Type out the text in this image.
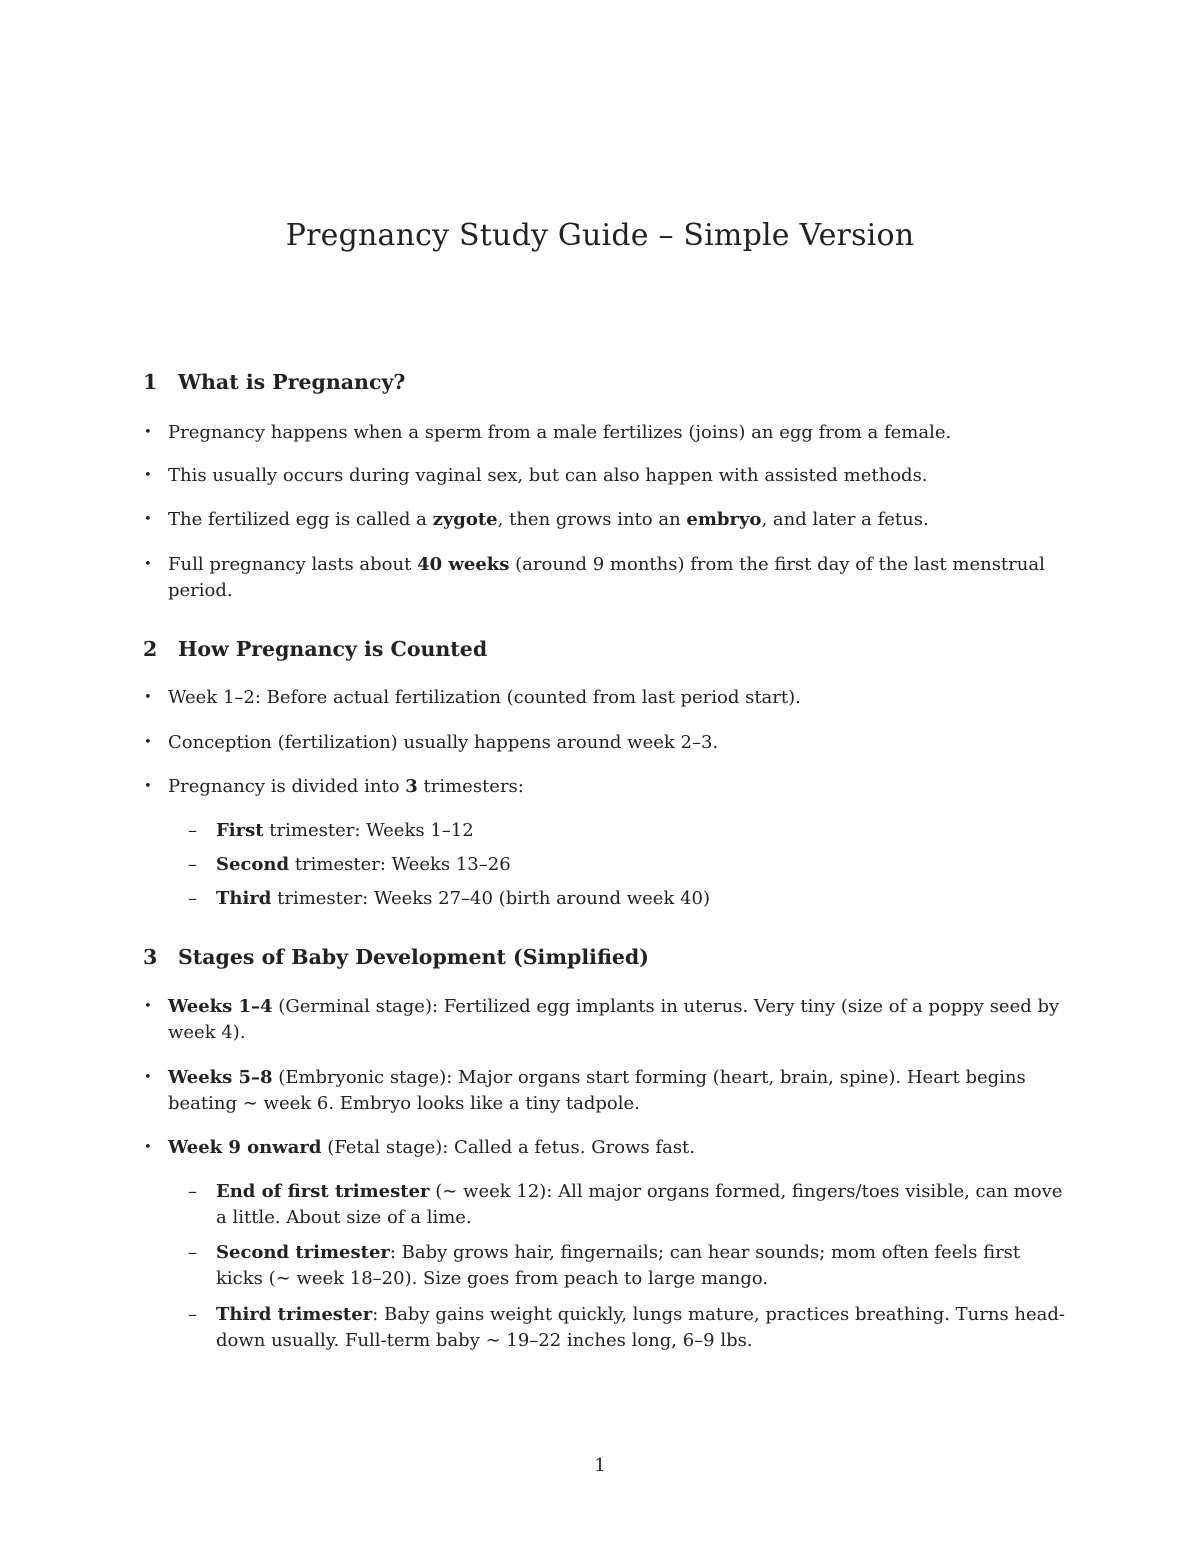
Pregnancy Study Guide – Simple Version
1 What is Pregnancy?

• Pregnancy happens when a sperm from a male fertilizes (joins) an egg from a female.

• This usually occurs during vaginal sex, but can also happen with assisted methods.

• The fertilized egg is called a zygote, then grows into an embryo, and later a fetus.

• Full pregnancy lasts about 40 weeks (around 9 months) from the first day of the last menstrual period.

2 How Pregnancy is Counted

• Week 1–2: Before actual fertilization (counted from last period start).

• Conception (fertilization) usually happens around week 2–3.

• Pregnancy is divided into 3 trimesters:

– First trimester: Weeks 1–12

– Second trimester: Weeks 13–26

– Third trimester: Weeks 27–40 (birth around week 40)

3 Stages of Baby Development (Simplified)

• Weeks 1–4 (Germinal stage): Fertilized egg implants in uterus. Very tiny (size of a poppy seed by week 4).

• Weeks 5–8 (Embryonic stage): Major organs start forming (heart, brain, spine). Heart begins beating ∼ week 6. Embryo looks like a tiny tadpole.

• Week 9 onward (Fetal stage): Called a fetus. Grows fast.

– End of first trimester (∼ week 12): All major organs formed, fingers/toes visible, can move a little. About size of a lime.

– Second trimester: Baby grows hair, fingernails; can hear sounds; mom often feels first kicks (∼ week 18–20). Size goes from peach to large mango.

– Third trimester: Baby gains weight quickly, lungs mature, practices breathing. Turns head-down usually. Full-term baby ∼ 19–22 inches long, 6–9 lbs.

1
